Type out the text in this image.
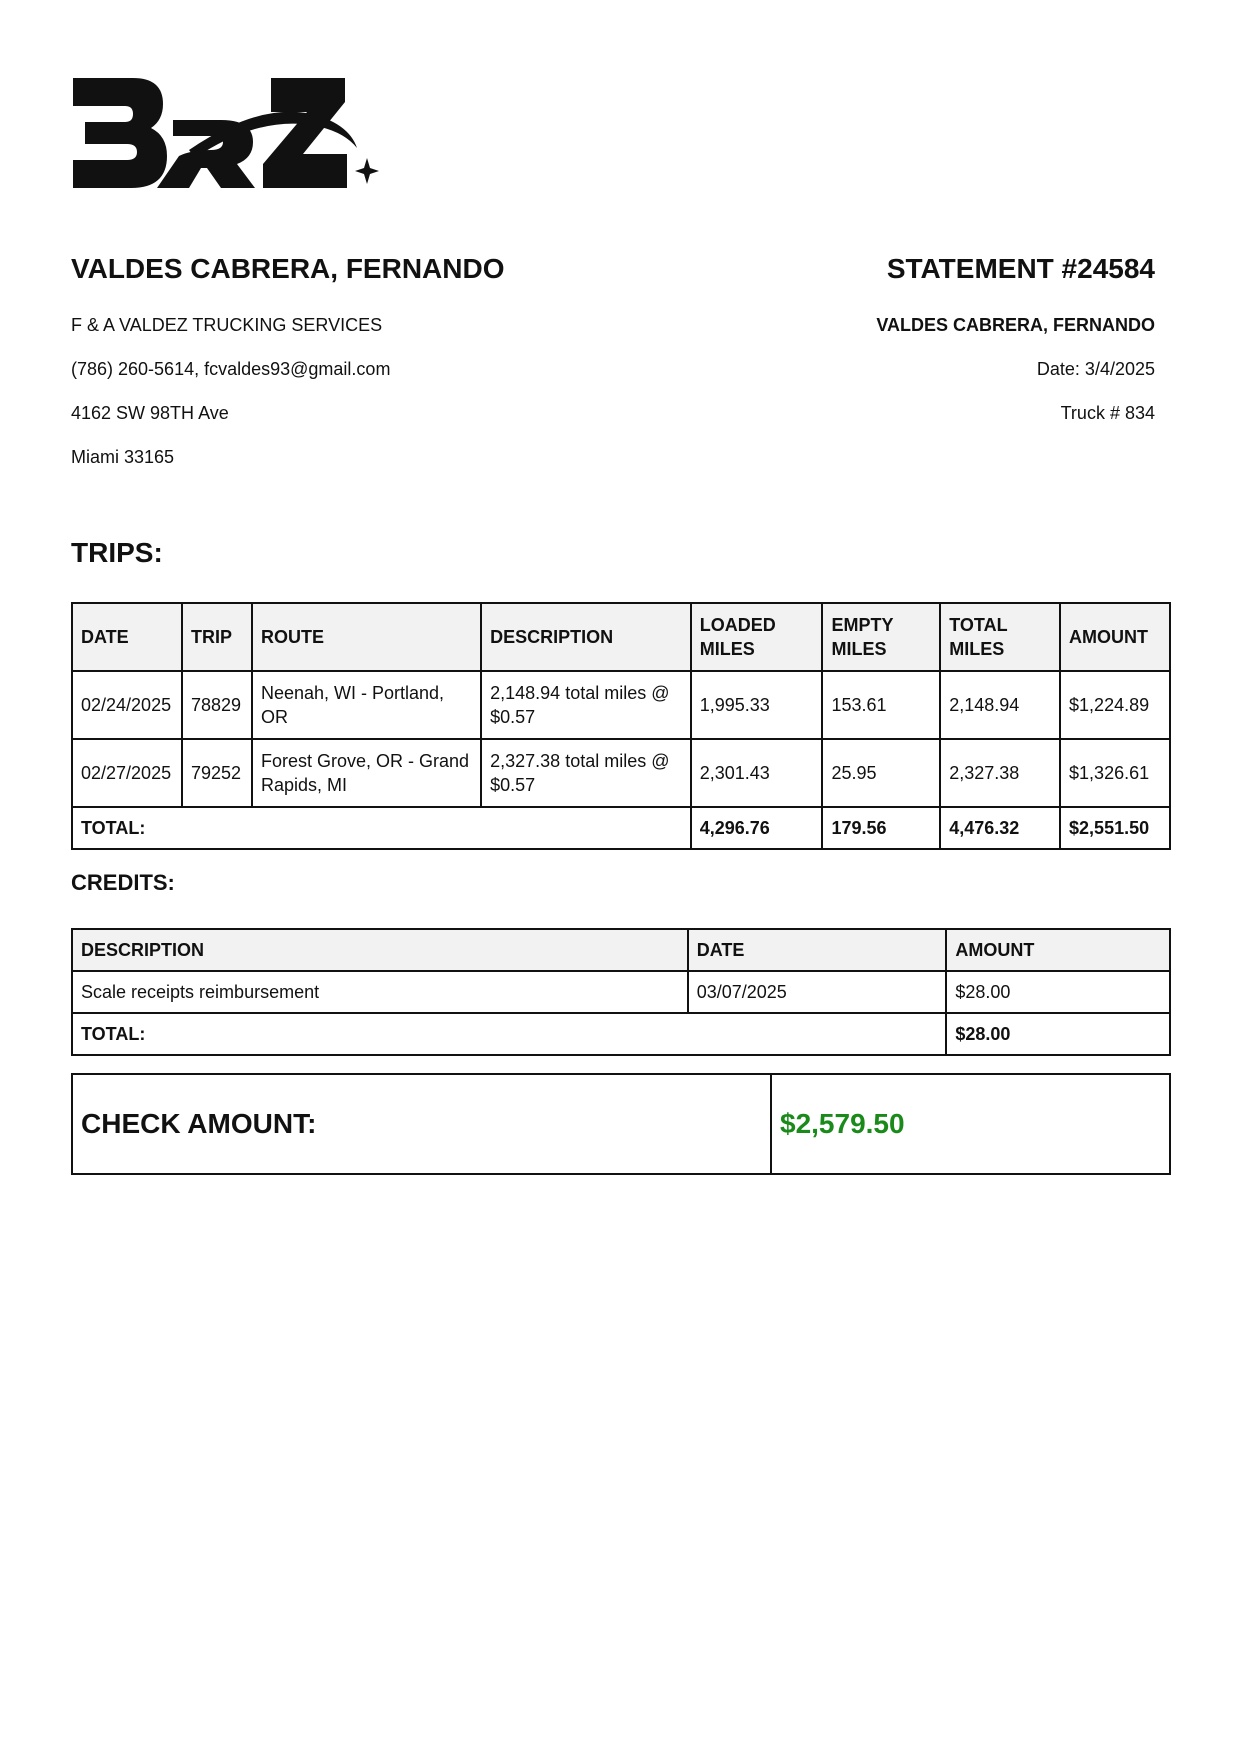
VALDES CABRERA, FERNANDO

F & A VALDEZ TRUCKING SERVICES

(786) 260-5614, fcvaldes93@gmail.com

4162 SW 98TH Ave

Miami 33165

STATEMENT #24584

VALDES CABRERA, FERNANDO

Date: 3/4/2025

Truck # 834

TRIPS:
DATE	TRIP	ROUTE	DESCRIPTION	LOADED MILES	EMPTY MILES	TOTAL MILES	AMOUNT
02/24/2025	78829	Neenah, WI - Portland, OR	2,148.94 total miles @ $0.57	1,995.33	153.61	2,148.94	$1,224.89
02/27/2025	79252	Forest Grove, OR - Grand Rapids, MI	2,327.38 total miles @ $0.57	2,301.43	25.95	2,327.38	$1,326.61
TOTAL:				4,296.76	179.56	4,476.32	$2,551.50
CREDITS:
DESCRIPTION	DATE	AMOUNT
Scale receipts reimbursement	03/07/2025	$28.00
TOTAL:		$28.00
CHECK AMOUNT:	$2,579.50
